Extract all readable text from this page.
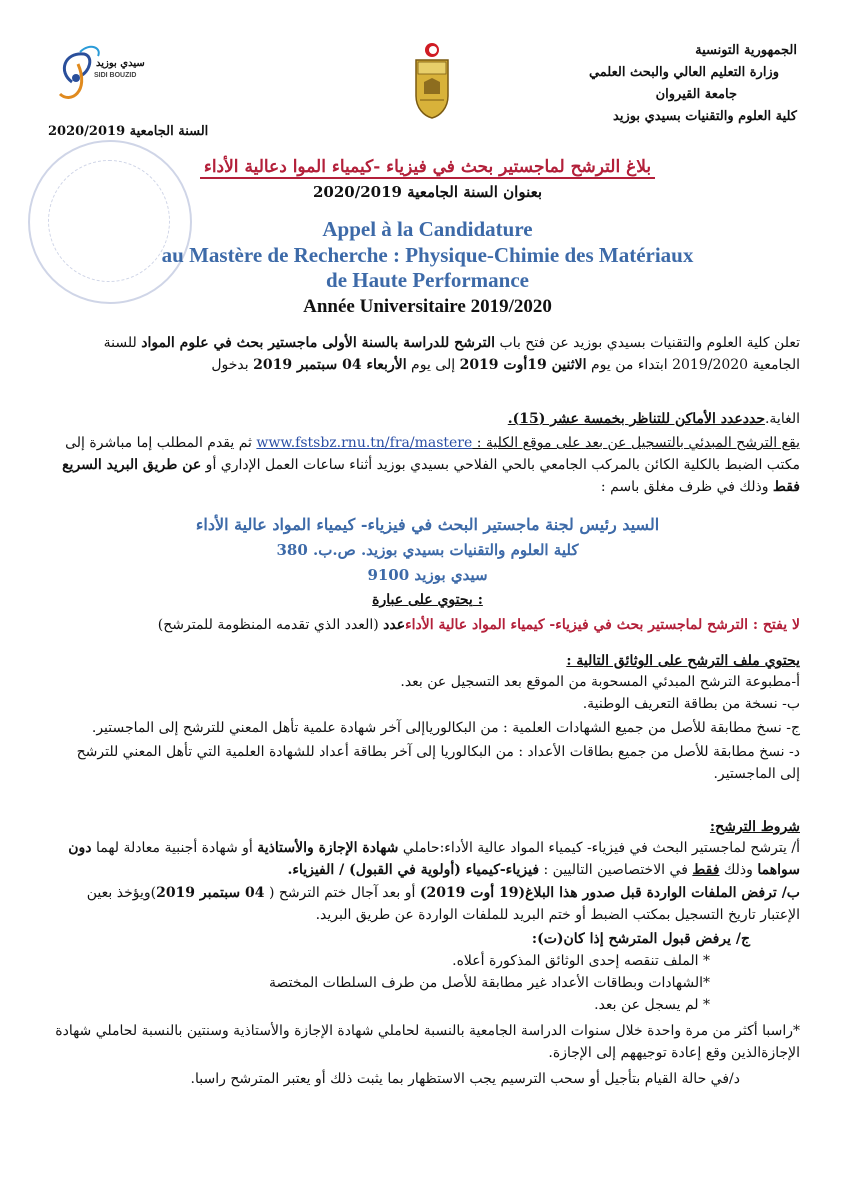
سيدي بوزيد
SIDI BOUZID
الجمهورية التونسية
وزارة التعليم العالي والبحث العلمي
جامعة القيروان
كلية العلوم والتقنيات بسيدي بوزيد
السنة الجامعية 2020/2019
بلاغ الترشح لماجستير بحث في فيزياء -كيمياء الموا دعالية الأداء
بعنوان السنة الجامعية 2020/2019
Appel à la Candidature
au Mastère de Recherche : Physique-Chimie des Matériaux
de Haute Performance
Année Universitaire 2019/2020
تعلن كلية العلوم والتقنيات بسيدي بوزيد عن فتح باب الترشح للدراسة بالسنة الأولى ماجستير بحث في علوم المواد للسنة الجامعية 2019/2020 ابتداء من يوم الاثنين 19أوت 2019 إلى يوم الأربعاء 04 سبتمبر 2019 بدخول
الغاية.حددعدد الأماكن للتناظر بخمسة عشر (15).
يقع الترشح المبدئي بالتسجيل عن بعد على موقع الكلية : www.fstsbz.rnu.tn/fra/mastere ثم يقدم المطلب إما مباشرة إلى مكتب الضبط بالكلية الكائن بالمركب الجامعي بالحي الفلاحي بسيدي بوزيد أثناء ساعات العمل الإداري أو عن طريق البريد السريع فقط وذلك في ظرف مغلق باسم :
السيد رئيس لجنة ماجستير البحث في فيزياء- كيمياء المواد عالية الأداء
كلية العلوم والتقنيات بسيدي بوزيد. ص.ب. 380
سيدي بوزيد 9100
يحتوي على عبارة :
لا يفتح : الترشح لماجستير بحث في فيزياء- كيمياء المواد عالية الأداءعدد (العدد الذي تقدمه المنظومة للمترشح)
يحتوي ملف الترشح على الوثائق التالية :
أ-مطبوعة الترشح المبدئي المسحوبة من الموقع بعد التسجيل عن بعد.
ب- نسخة من بطاقة التعريف الوطنية.
ج- نسخ مطابقة للأصل من جميع الشهادات العلمية : من البكالوريا‌إلى آخر شهادة علمية تأهل المعني للترشح إلى الماجستير.
د- نسخ مطابقة للأصل من جميع بطاقات الأعداد : من البكالوريا إلى آخر بطاقة أعداد للشهادة العلمية التي تأهل المعني للترشح إلى الماجستير.
شروط الترشح:
أ/ يترشح لماجستير البحث في فيزياء- كيمياء المواد عالية الأداء:حاملي شهادة الإجازة والأستاذية أو شهادة أجنبية معادلة لهما دون سواهما وذلك فقط في الاختصاصين التاليين : فيزياء-كيمياء (أولوية في القبول) / الفيزياء.
ب/ ترفض الملفات الواردة قبل صدور هذا البلاغ(19 أوت 2019) أو بعد آجال ختم الترشح ( 04 سبتمبر 2019)ويؤخذ بعين الإعتبار تاريخ التسجيل بمكتب الضبط أو ختم البريد للملفات الواردة عن طريق البريد.
ج/ يرفض قبول المترشح إذا كان(ت):
* الملف تنقصه إحدى الوثائق المذكورة أعلاه.
*الشهادات وبطاقات الأعداد غير مطابقة للأصل من طرف السلطات المختصة
* لم يسجل عن بعد.
*راسبا أكثر من مرة واحدة خلال سنوات الدراسة الجامعية بالنسبة لحاملي شهادة الإجازة والأستاذية وسنتين بالنسبة لحاملي شهادة الإجازةالذين وقع إعادة توجيههم إلى الإجازة.
د/في حالة القيام بتأجيل أو سحب الترسيم يجب الاستظهار بما يثبت ذلك أو يعتبر المترشح راسبا.
